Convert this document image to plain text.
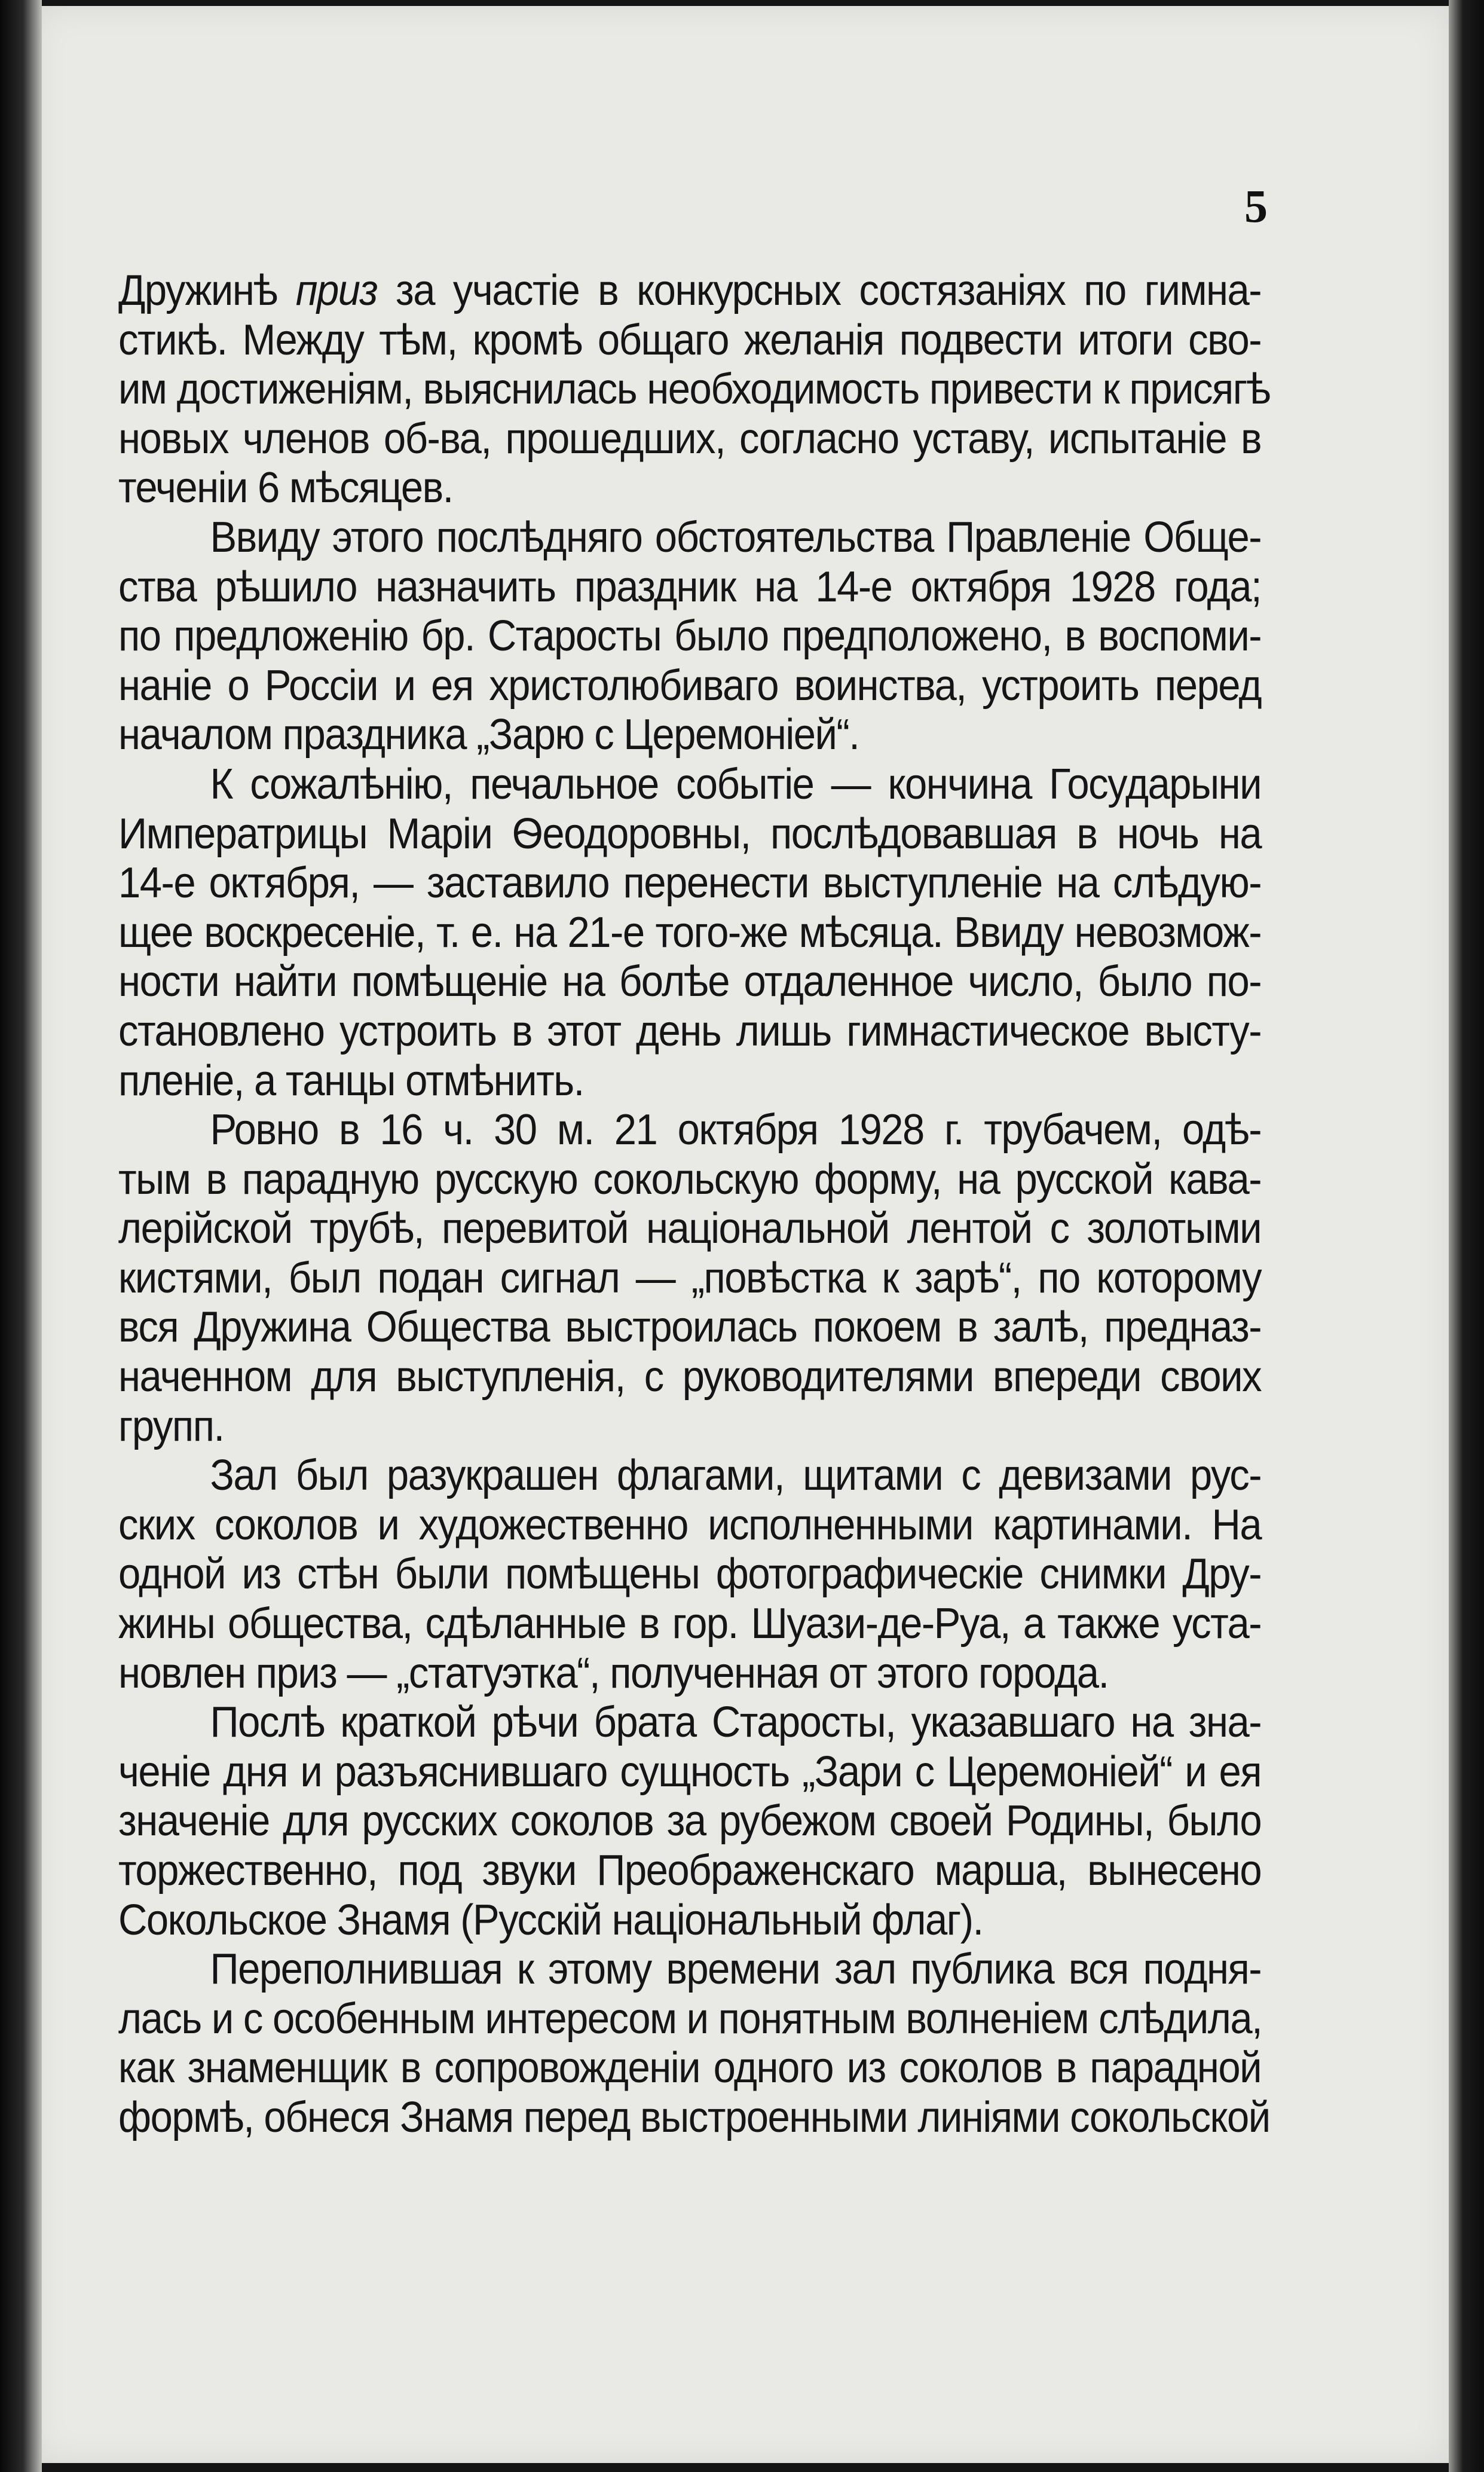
5

Дружинѣ приз за участіе в конкурсных состязаніях по гимна-
стикѣ. Между тѣм, кромѣ общаго желанія подвести итоги сво-
им достиженіям, выяснилась необходимость привести к присягѣ
новых членов об-ва, прошедших, согласно уставу, испытаніе в
теченіи 6 мѣсяцев.

Ввиду этого послѣдняго обстоятельства Правленіе Обще-
ства рѣшило назначить праздник на 14-е октября 1928 года;
по предложенію бр. Старосты было предположено, в воспоми-
наніе о Россіи и ея христолюбиваго воинства, устроить перед
началом праздника „Зарю с Церемоніей“.

К сожалѣнію, печальное событіе — кончина Государыни
Императрицы Маріи Ѳеодоровны, послѣдовавшая в ночь на
14-е октября, — заставило перенести выступленіе на слѣдую-
щее воскресеніе, т. е. на 21-е того-же мѣсяца. Ввиду невозмож-
ности найти помѣщеніе на болѣе отдаленное число, было по-
становлено устроить в этот день лишь гимнастическое высту-
пленіе, а танцы отмѣнить.

Ровно в 16 ч. 30 м. 21 октября 1928 г. трубачем, одѣ-
тым в парадную русскую сокольскую форму, на русской кава-
лерійской трубѣ, перевитой національной лентой с золотыми
кистями, был подан сигнал — „повѣстка к зарѣ“, по которому
вся Дружина Общества выстроилась покоем в залѣ, предназ-
наченном для выступленія, с руководителями впереди своих
групп.

Зал был разукрашен флагами, щитами с девизами рус-
ских соколов и художественно исполненными картинами. На
одной из стѣн были помѣщены фотографическіе снимки Дру-
жины общества, сдѣланные в гор. Шуази-де-Руа, а также уста-
новлен приз — „статуэтка“, полученная от этого города.

Послѣ краткой рѣчи брата Старосты, указавшаго на зна-
ченіе дня и разъяснившаго сущность „Зари с Церемоніей“ и ея
значеніе для русских соколов за рубежом своей Родины, было
торжественно, под звуки Преображенскаго марша, вынесено
Сокольское Знамя (Русскій національный флаг).

Переполнившая к этому времени зал публика вся подня-
лась и с особенным интересом и понятным волненіем слѣдила,
как знаменщик в сопровожденіи одного из соколов в парадной
формѣ, обнеся Знамя перед выстроенными линіями сокольской
